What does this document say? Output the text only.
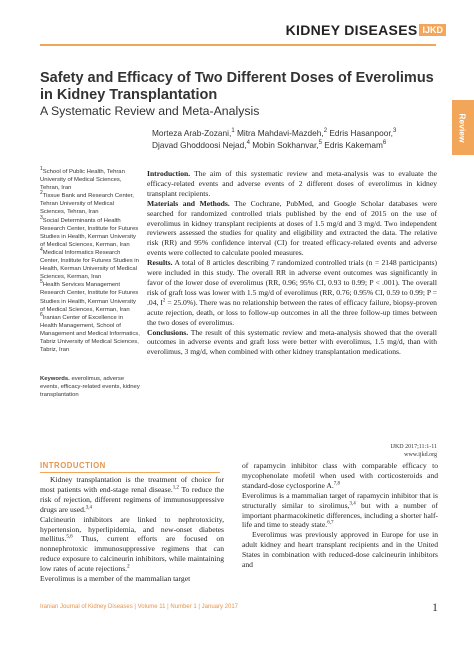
KIDNEY DISEASES IJKD
Review
Safety and Efficacy of Two Different Doses of Everolimus in Kidney Transplantation
A Systematic Review and Meta-Analysis
Morteza Arab-Zozani,$^1$ Mitra Mahdavi-Mazdeh,$^2$ Edris Hasanpoor,$^3$
Djavad Ghoddoosi Nejad,$^4$ Mobin Sokhanvar,$^5$ Edris Kakemam$^6$

$^1$School of Public Health, Tehran University of Medical Sciences, Tehran, Iran

$^2$Tissue Bank and Research Center, Tehran University of Medical Sciences, Tehran, Iran

$^3$Social Determinants of Health Research Center, Institute for Futures Studies in Health, Kerman University of Medical Sciences, Kerman, Iran

$^4$Medical Informatics Research Center, Institute for Futures Studies in Health, Kerman University of Medical Sciences, Kerman, Iran

$^5$Health Services Management Research Center, Institute for Futures Studies in Health, Kerman University of Medical Sciences, Kerman, Iran

$^6$Iranian Center of Excellence in Health Management, School of Management and Medical Informatics, Tabriz University of Medical Sciences, Tabriz, Iran

Keywords. everolimus, adverse events, efficacy-related events, kidney transplantation

Introduction. The aim of this systematic review and meta-analysis was to evaluate the efficacy-related events and adverse events of 2 different doses of everolimus in kidney transplant recipients.

Materials and Methods. The Cochrane, PubMed, and Google Scholar databases were searched for randomized controlled trials published by the end of 2015 on the use of everolimus in kidney transplant recipients at doses of 1.5 mg/d and 3 mg/d. Two independent reviewers assessed the studies for quality and eligibility and extracted the data. The relative risk (RR) and 95% confidence interval (CI) for treated efficacy-related events and adverse events were collected to calculate pooled measures.

Results. A total of 8 articles describing 7 randomized controlled trials (n = 2148 participants) were included in this study. The overall RR in adverse event outcomes was significantly in favor of the lower dose of everolimus (RR, 0.96; 95% CI, 0.93 to 0.99; P < .001). The overall risk of graft loss was lower with 1.5 mg/d of everolimus (RR, 0.76; 0.95% CI, 0.59 to 0.99; P = .04, $I^2 = 25.0\%$). There was no relationship between the rates of efficacy failure, biopsy-proven acute rejection, death, or loss to follow-up outcomes in all the three follow-up times between the two doses of everolimus.

Conclusions. The result of this systematic review and meta-analysis showed that the overall outcomes in adverse events and graft loss were better with everolimus, 1.5 mg/d, than with everolimus, 3 mg/d, when combined with other kidney transplantation medications.

IJKD 2017;11:1-11
www.ijkd.org
INTRODUCTION

Kidney transplantation is the treatment of choice for most patients with end-stage renal disease.$^{1,2}$ To reduce the risk of rejection, different regimens of immunosuppressive drugs are used.$^{3,4}$

Calcineurin inhibitors are linked to nephrotoxicity, hypertension, hyperlipidemia, and new-onset diabetes mellitus.$^{5,6}$ Thus, current efforts are focused on nonnephrotoxic immunosuppressive regimens that can reduce exposure to calcineurin inhibitors, while maintaining low rates of acute rejections.$^2$

Everolimus is a member of the mammalian target

of rapamycin inhibitor class with comparable efficacy to mycophenolate mofetil when used with corticosteroids and standard-dose cyclosporine A.$^{7,8}$

Everolimus is a mammalian target of rapamycin inhibitor that is structurally similar to sirolimus,$^{3,4}$ but with a number of important pharmacokinetic differences, including a shorter half-life and time to steady state.$^{6,7}$

Everolimus was previously approved in Europe for use in adult kidney and heart transplant recipients and in the United States in combination with reduced-dose calcineurin inhibitors and

Iranian Journal of Kidney Diseases | Volume 11 | Number 1 | January 2017	1
